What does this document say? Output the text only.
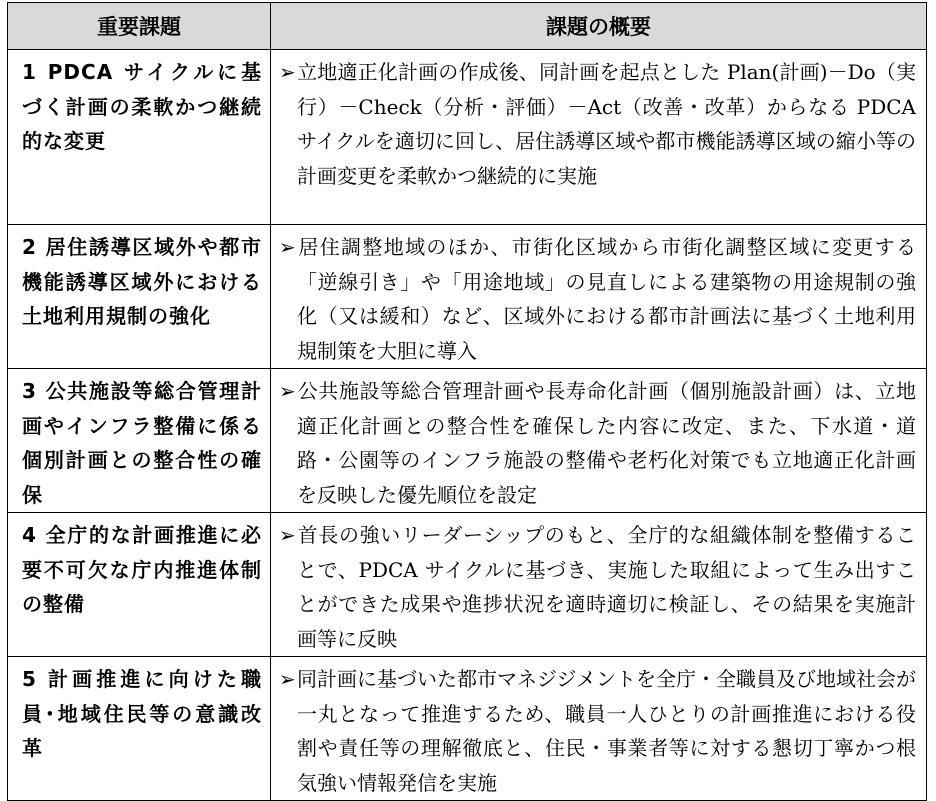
重要課題	課題の概要

1 PDCA サイクルに基づく計画の柔軟かつ継続的な変更	➢立地適正化計画の作成後、同計画を起点とした Plan(計画)－Do（実行）－Check（分析・評価）－Act（改善・改革）からなる PDCA サイクルを適切に回し、居住誘導区域や都市機能誘導区域の縮小等の計画変更を柔軟かつ継続的に実施

2 居住誘導区域外や都市機能誘導区域外における土地利用規制の強化	➢居住調整地域のほか、市街化区域から市街化調整区域に変更する「逆線引き」や「用途地域」の見直しによる建築物の用途規制の強化（又は緩和）など、区域外における都市計画法に基づく土地利用規制策を大胆に導入

3 公共施設等総合管理計画やインフラ整備に係る個別計画との整合性の確保	➢公共施設等総合管理計画や長寿命化計画（個別施設計画）は、立地適正化計画との整合性を確保した内容に改定、また、下水道・道路・公園等のインフラ施設の整備や老朽化対策でも立地適正化計画を反映した優先順位を設定

4 全庁的な計画推進に必要不可欠な庁内推進体制の整備	➢首長の強いリーダーシップのもと、全庁的な組織体制を整備することで、PDCA サイクルに基づき、実施した取組によって生み出すことができた成果や進捗状況を適時適切に検証し、その結果を実施計画等に反映

5 計画推進に向けた職員･地域住民等の意識改革	➢同計画に基づいた都市マネジジメントを全庁・全職員及び地域社会が一丸となって推進するため、職員一人ひとりの計画推進における役割や責任等の理解徹底と、住民・事業者等に対する懇切丁寧かつ根気強い情報発信を実施
